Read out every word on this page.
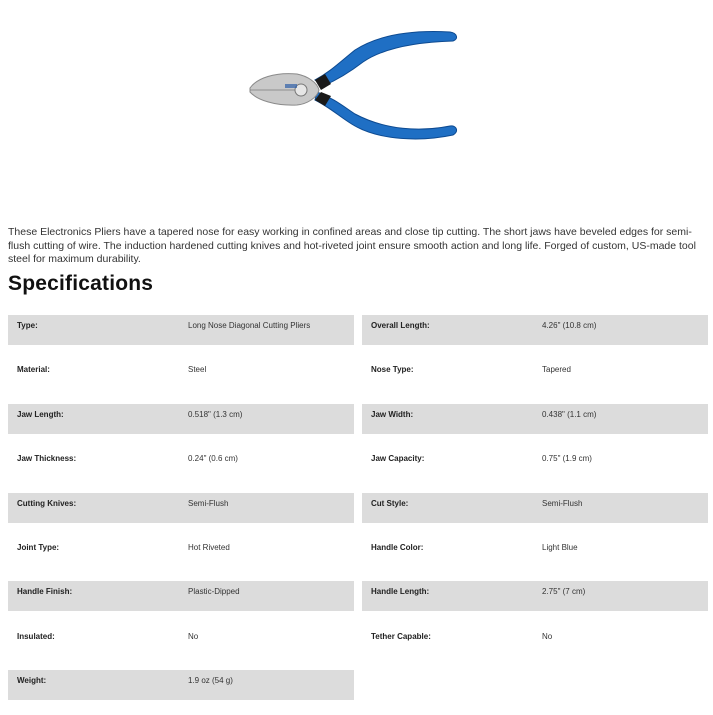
These Electronics Pliers have a tapered nose for easy working in confined areas and close tip cutting. The short jaws have beveled edges for semi-flush cutting of wire. The induction hardened cutting knives and hot-riveted joint ensure smooth action and long life. Forged of custom, US-made tool steel for maximum durability.

Specifications
Type:	Long Nose Diagonal Cutting Pliers	Overall Length:	4.26" (10.8 cm)
Material:	Steel	Nose Type:	Tapered
Jaw Length:	0.518" (1.3 cm)	Jaw Width:	0.438" (1.1 cm)
Jaw Thickness:	0.24" (0.6 cm)	Jaw Capacity:	0.75" (1.9 cm)
Cutting Knives:	Semi-Flush	Cut Style:	Semi-Flush
Joint Type:	Hot Riveted	Handle Color:	Light Blue
Handle Finish:	Plastic-Dipped	Handle Length:	2.75" (7 cm)
Insulated:	No	Tether Capable:	No
Weight:	1.9 oz (54 g)
